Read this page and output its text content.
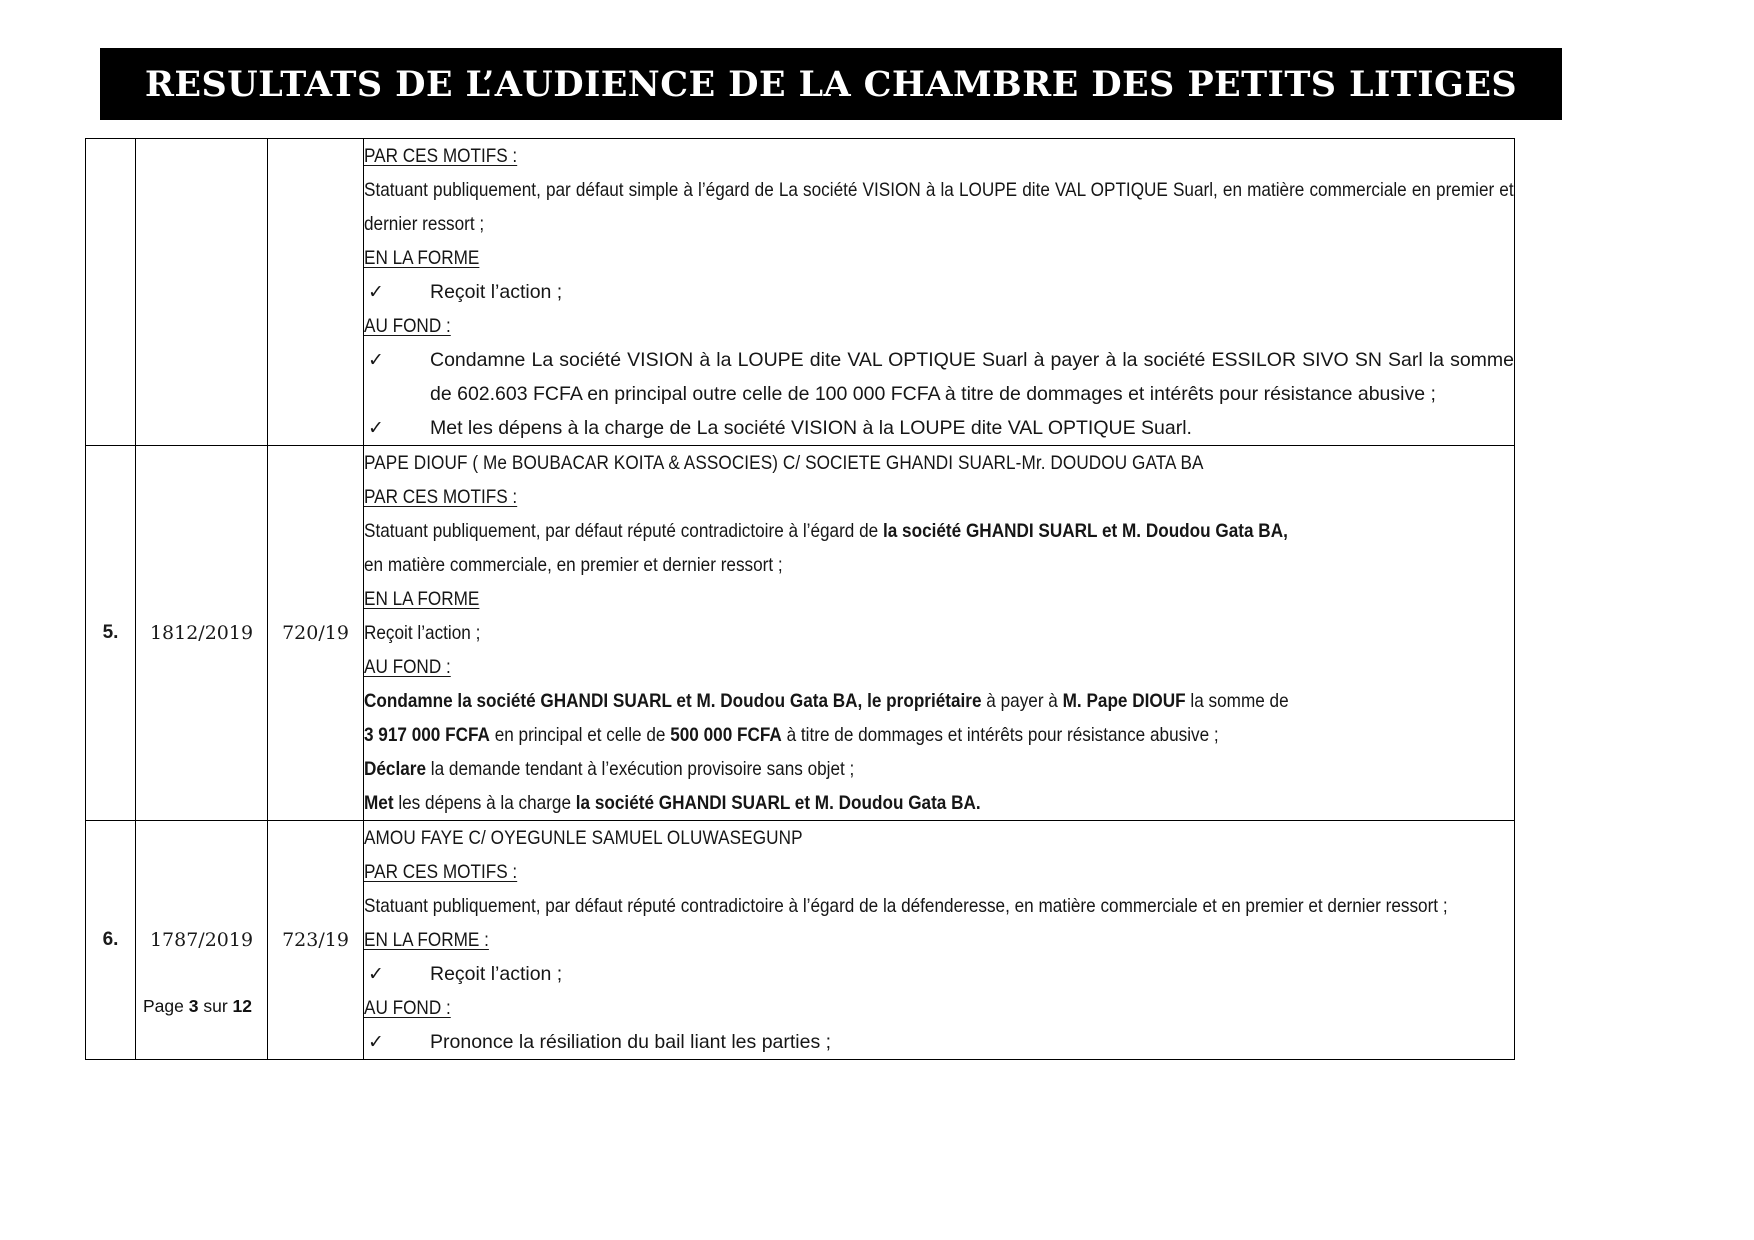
RESULTATS DE L’AUDIENCE DE LA CHAMBRE DES PETITS LITIGES

PAR CES MOTIFS :
Statuant publiquement, par défaut simple à l’égard de La société VISION à la LOUPE dite VAL OPTIQUE Suarl, en matière commerciale en premier et dernier ressort ;
EN LA FORME
✓	Reçoit l’action ;
AU FOND :
✓	Condamne La société VISION à la LOUPE dite VAL OPTIQUE Suarl à payer à la société ESSILOR SIVO SN Sarl la somme de 602.603 FCFA en principal outre celle de 100 000 FCFA à titre de dommages et intérêts pour résistance abusive ;
✓	Met les dépens à la charge de La société VISION à la LOUPE dite VAL OPTIQUE Suarl.

5.	1812/2019	720/19	
PAPE DIOUF ( Me BOUBACAR KOITA & ASSOCIES) C/ SOCIETE GHANDI SUARL-Mr. DOUDOU GATA BA
PAR CES MOTIFS :
Statuant publiquement, par défaut réputé contradictoire à l’égard de la société GHANDI SUARL et M. Doudou Gata BA,
en matière commerciale, en premier et dernier ressort ;
EN LA FORME
Reçoit l’action ;
AU FOND :
Condamne la société GHANDI SUARL et M. Doudou Gata BA, le propriétaire à payer à M. Pape DIOUF la somme de
3 917 000 FCFA en principal et celle de 500 000 FCFA à titre de dommages et intérêts pour résistance abusive ;
Déclare la demande tendant à l’exécution provisoire sans objet ;
Met les dépens à la charge la société GHANDI SUARL et M. Doudou Gata BA.

6.	1787/2019	723/19	
AMOU FAYE C/ OYEGUNLE SAMUEL OLUWASEGUNP
PAR CES MOTIFS :
Statuant publiquement, par défaut réputé contradictoire à l’égard de la défenderesse, en matière commerciale et en premier et dernier ressort ;
EN LA FORME :
✓	Reçoit l’action ;
AU FOND :
✓	Prononce la résiliation du bail liant les parties ;
Page 3 sur 12
